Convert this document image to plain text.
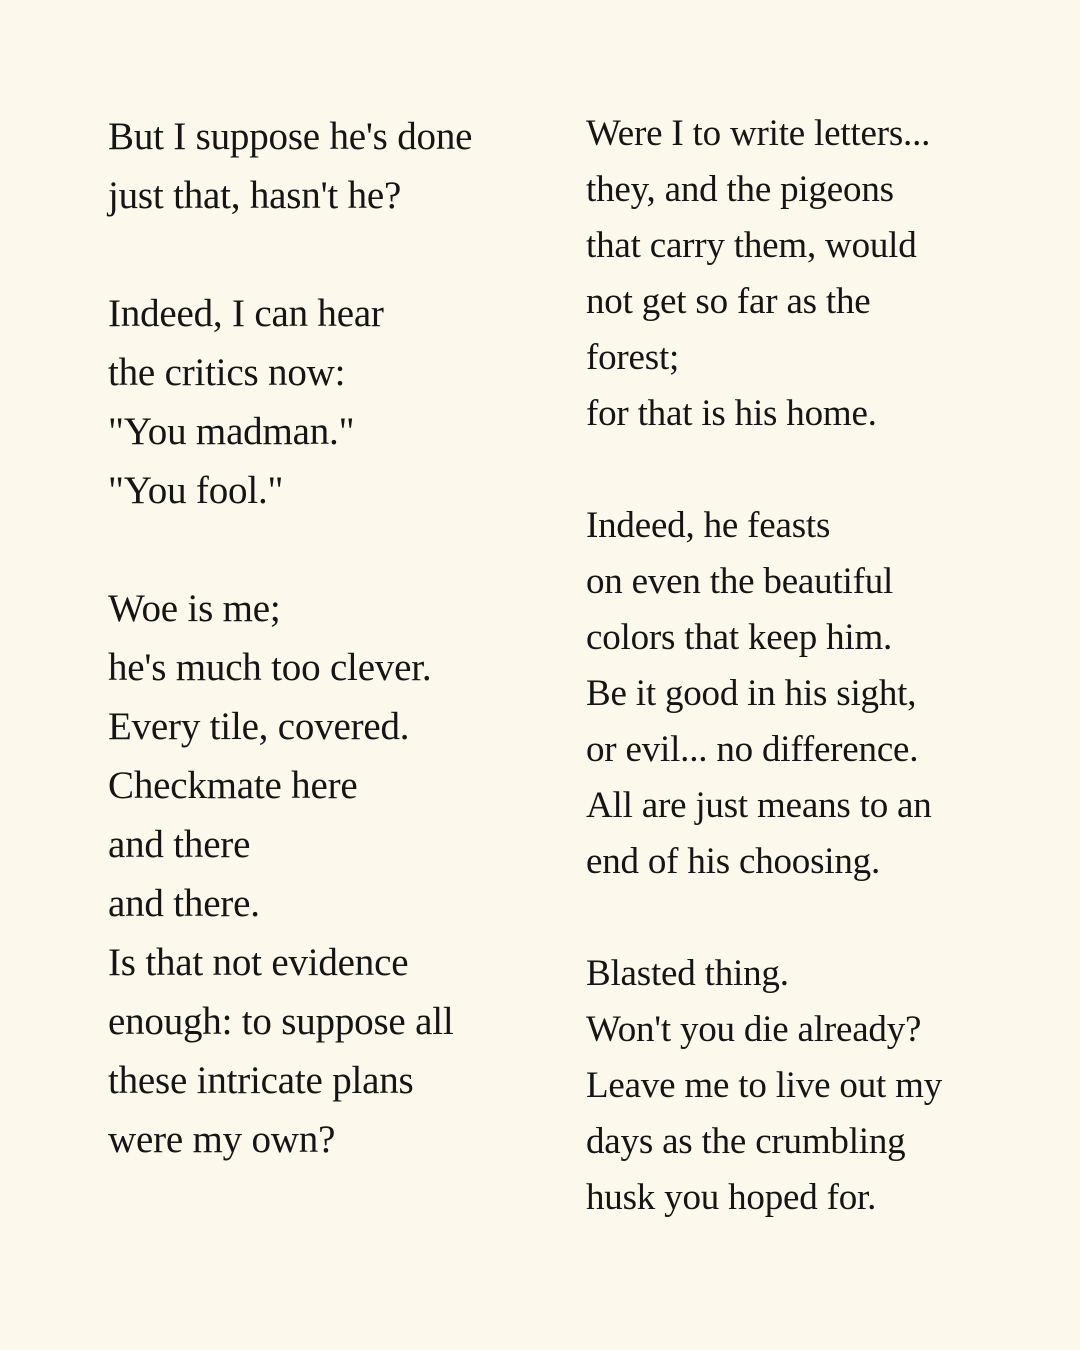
But I suppose he's done
just that, hasn't he?

Indeed, I can hear
the critics now:
"You madman."
"You fool."

Woe is me;
he's much too clever.
Every tile, covered.
Checkmate here
and there
and there.
Is that not evidence
enough: to suppose all
these intricate plans
were my own?

Were I to write letters...
they, and the pigeons
that carry them, would
not get so far as the
forest;
for that is his home.

Indeed, he feasts
on even the beautiful
colors that keep him.
Be it good in his sight,
or evil... no difference.
All are just means to an
end of his choosing.

Blasted thing.
Won't you die already?
Leave me to live out my
days as the crumbling
husk you hoped for.
